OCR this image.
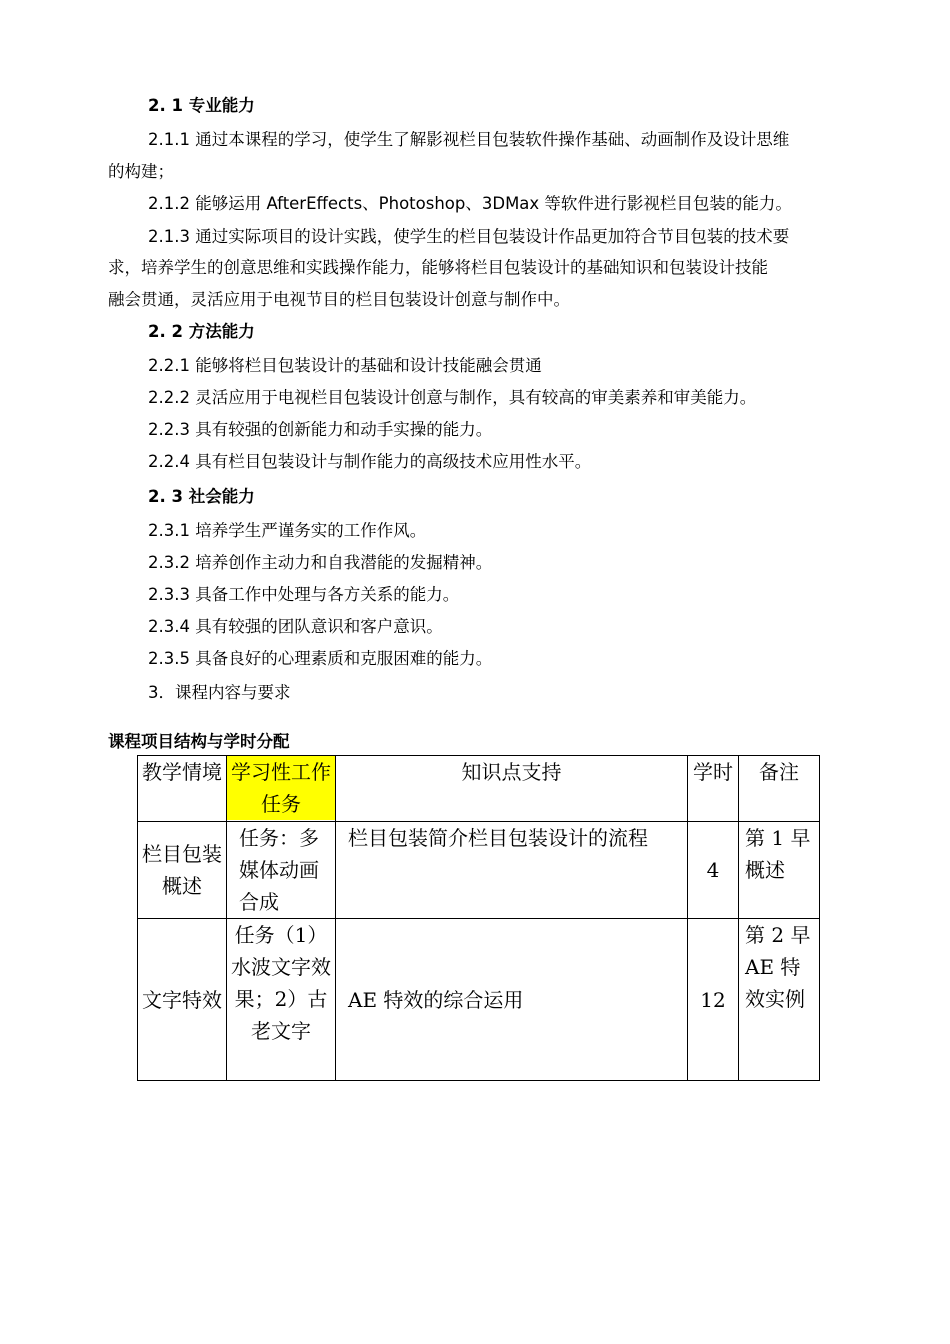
2. 1 专业能力
2.1.1 通过本课程的学习，使学生了解影视栏目包装软件操作基础、动画制作及设计思维
的构建；
2.1.2 能够运用 AfterEffects、Photoshop、3DMax 等软件进行影视栏目包装的能力。
2.1.3 通过实际项目的设计实践，使学生的栏目包装设计作品更加符合节目包装的技术要
求，培养学生的创意思维和实践操作能力，能够将栏目包装设计的基础知识和包装设计技能
融会贯通，灵活应用于电视节目的栏目包装设计创意与制作中。
2. 2 方法能力
2.2.1 能够将栏目包装设计的基础和设计技能融会贯通
2.2.2 灵活应用于电视栏目包装设计创意与制作，具有较高的审美素养和审美能力。
2.2.3 具有较强的创新能力和动手实操的能力。
2.2.4 具有栏目包装设计与制作能力的高级技术应用性水平。
2. 3 社会能力
2.3.1 培养学生严谨务实的工作作风。
2.3.2 培养创作主动力和自我潜能的发掘精神。
2.3.3 具备工作中处理与各方关系的能力。
2.3.4 具有较强的团队意识和客户意识。
2.3.5 具备良好的心理素质和克服困难的能力。
3．课程内容与要求
课程项目结构与学时分配
教学情境	学习性工作任务	知识点支持	学时	备注
栏目包装概述	任务：多媒体动画合成	栏目包装简介栏目包装设计的流程	4	第 1 早概述
文字特效	任务（1）水波文字效果；2）古老文字	AE 特效的综合运用	12	第 2 早 AE 特效实例
